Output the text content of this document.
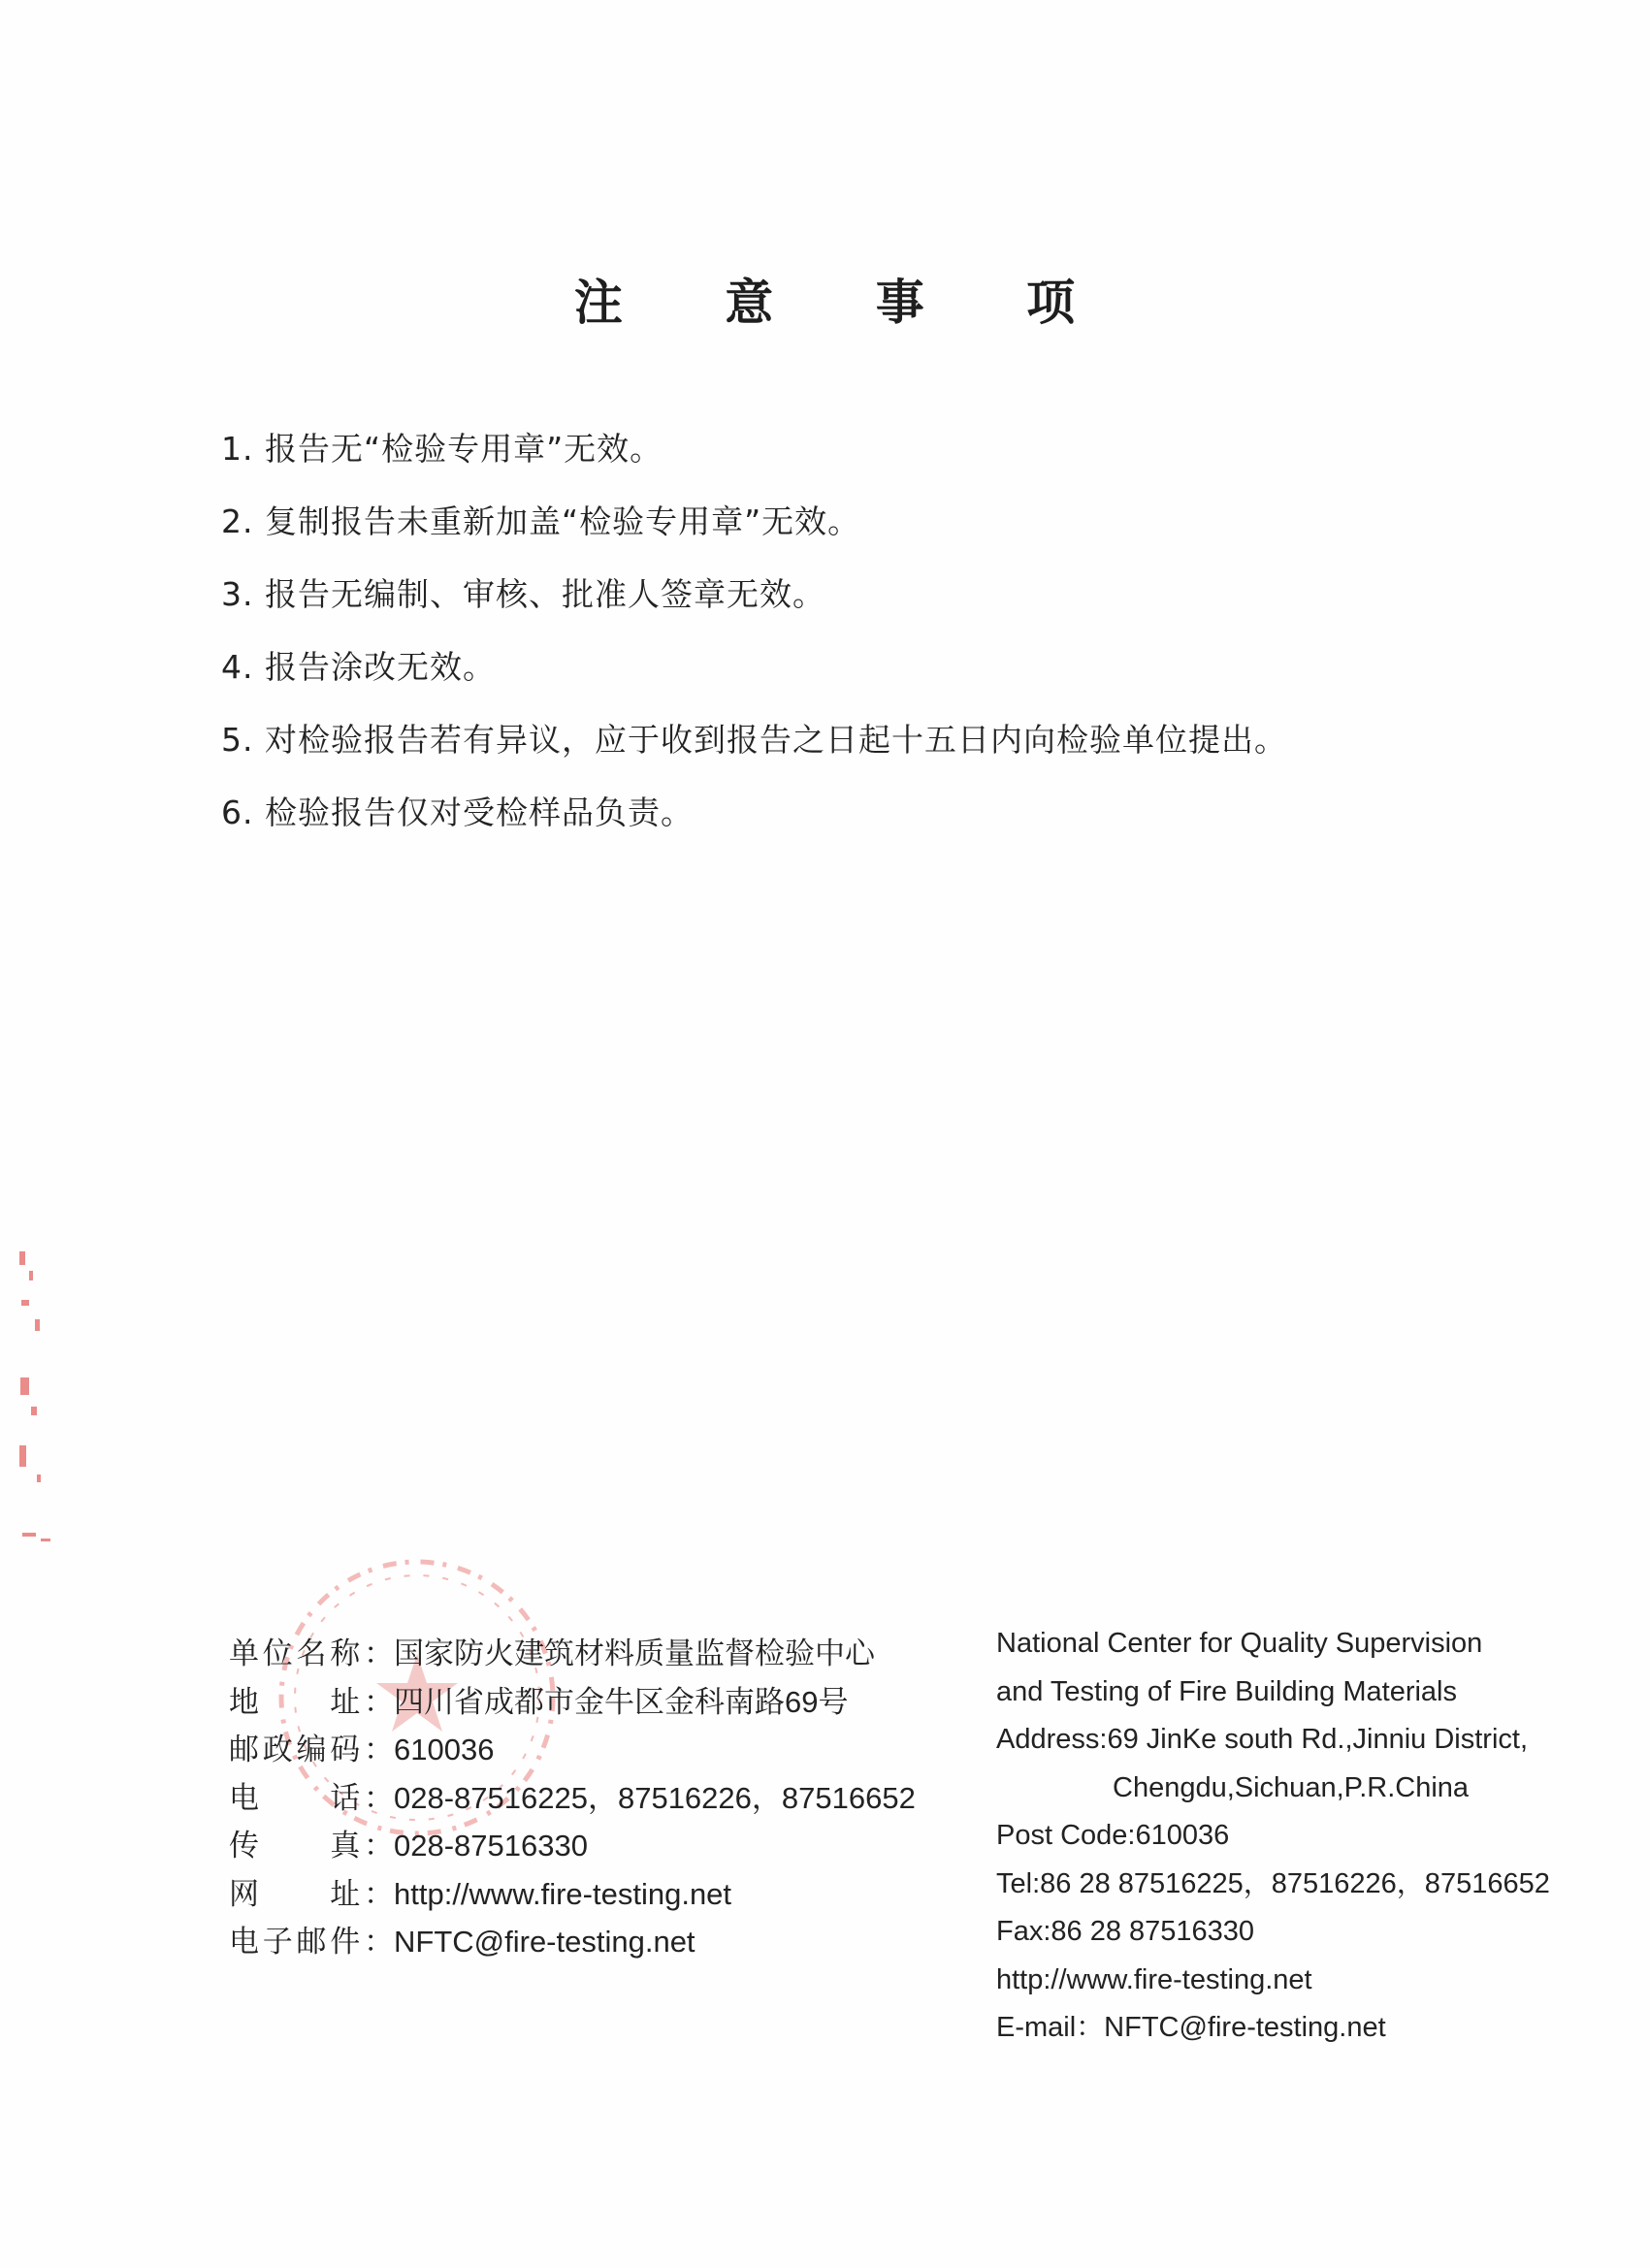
注 意 事 项
1. 报告无“检验专用章”无效。
2. 复制报告未重新加盖“检验专用章”无效。
3. 报告无编制、审核、批准人签章无效。
4. 报告涂改无效。
5. 对检验报告若有异议，应于收到报告之日起十五日内向检验单位提出。
6. 检验报告仅对受检样品负责。
单位名称：国家防火建筑材料质量监督检验中心
地　　址：四川省成都市金牛区金科南路69号
邮政编码：610036
电　　话：028-87516225，87516226，87516652
传　　真：028-87516330
网　　址：http://www.fire-testing.net
电子邮件：NFTC@fire-testing.net
National Center for Quality Supervision
and Testing of Fire Building Materials
Address:69 JinKe south Rd.,Jinniu District,
Chengdu,Sichuan,P.R.China
Post Code:610036
Tel:86 28 87516225，87516226，87516652
Fax:86 28 87516330
http://www.fire-testing.net
E-mail：NFTC@fire-testing.net
